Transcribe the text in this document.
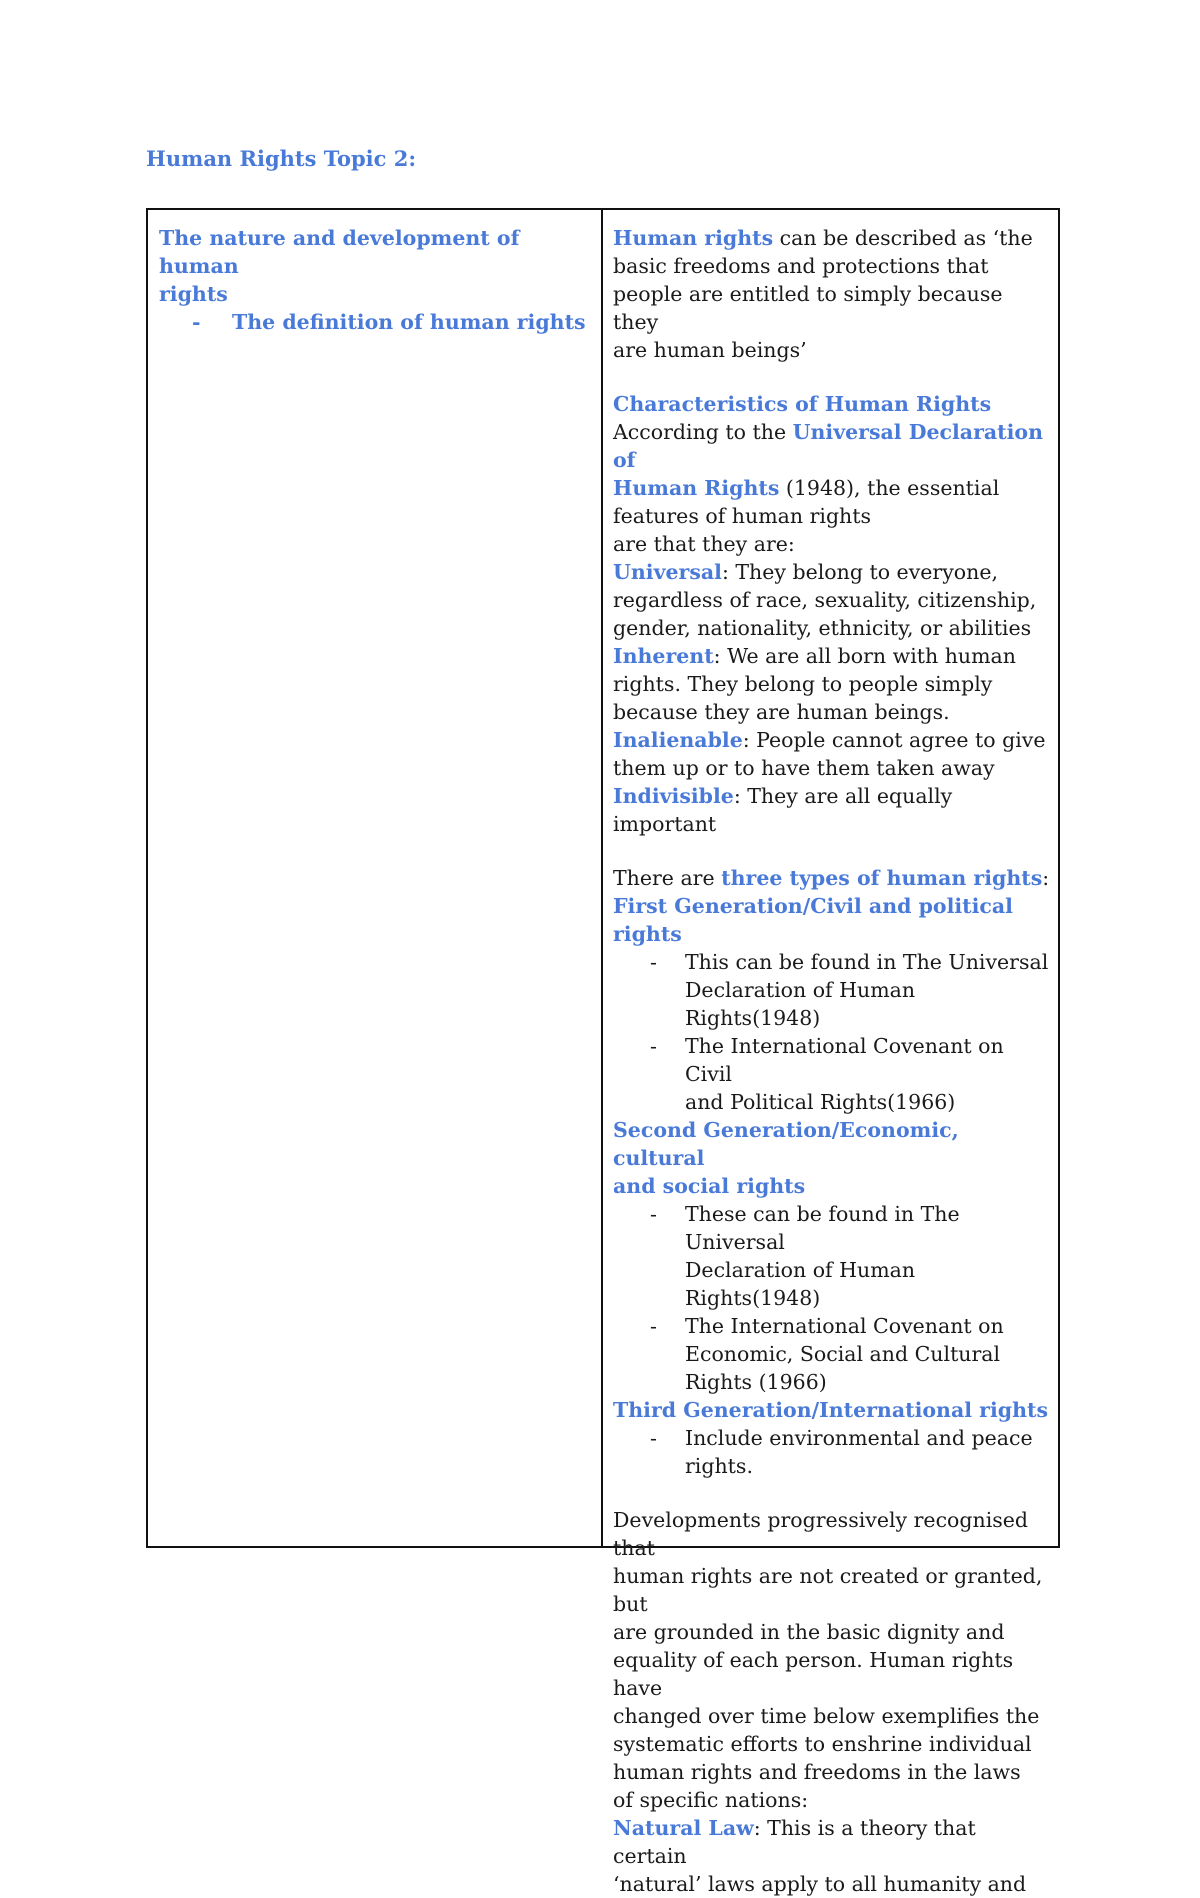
Human Rights Topic 2:

The nature and development of human
rights

- The definition of human rights

Human rights can be described as ‘the

basic freedoms and protections that

people are entitled to simply because they

are human beings’

Characteristics of Human Rights

According to the Universal Declaration of

Human Rights (1948), the essential

features of human rights

are that they are:

Universal: They belong to everyone,

regardless of race, sexuality, citizenship,

gender, nationality, ethnicity, or abilities

Inherent: We are all born with human

rights. They belong to people simply

because they are human beings.

Inalienable: People cannot agree to give

them up or to have them taken away

Indivisible: They are all equally important

There are three types of human rights:

First Generation/Civil and political rights

- This can be found in The Universal
Declaration of Human Rights(1948)
- The International Covenant on Civil
and Political Rights(1966)

Second Generation/Economic, cultural
and social rights

- These can be found in The Universal
Declaration of Human Rights(1948)
- The International Covenant on
Economic, Social and Cultural
Rights (1966)

Third Generation/International rights

- Include environmental and peace
rights.

Developments progressively recognised that

human rights are not created or granted, but

are grounded in the basic dignity and

equality of each person. Human rights have

changed over time below exemplifies the

systematic efforts to enshrine individual

human rights and freedoms in the laws

of specific nations:

Natural Law: This is a theory that certain

‘natural’ laws apply to all humanity and
